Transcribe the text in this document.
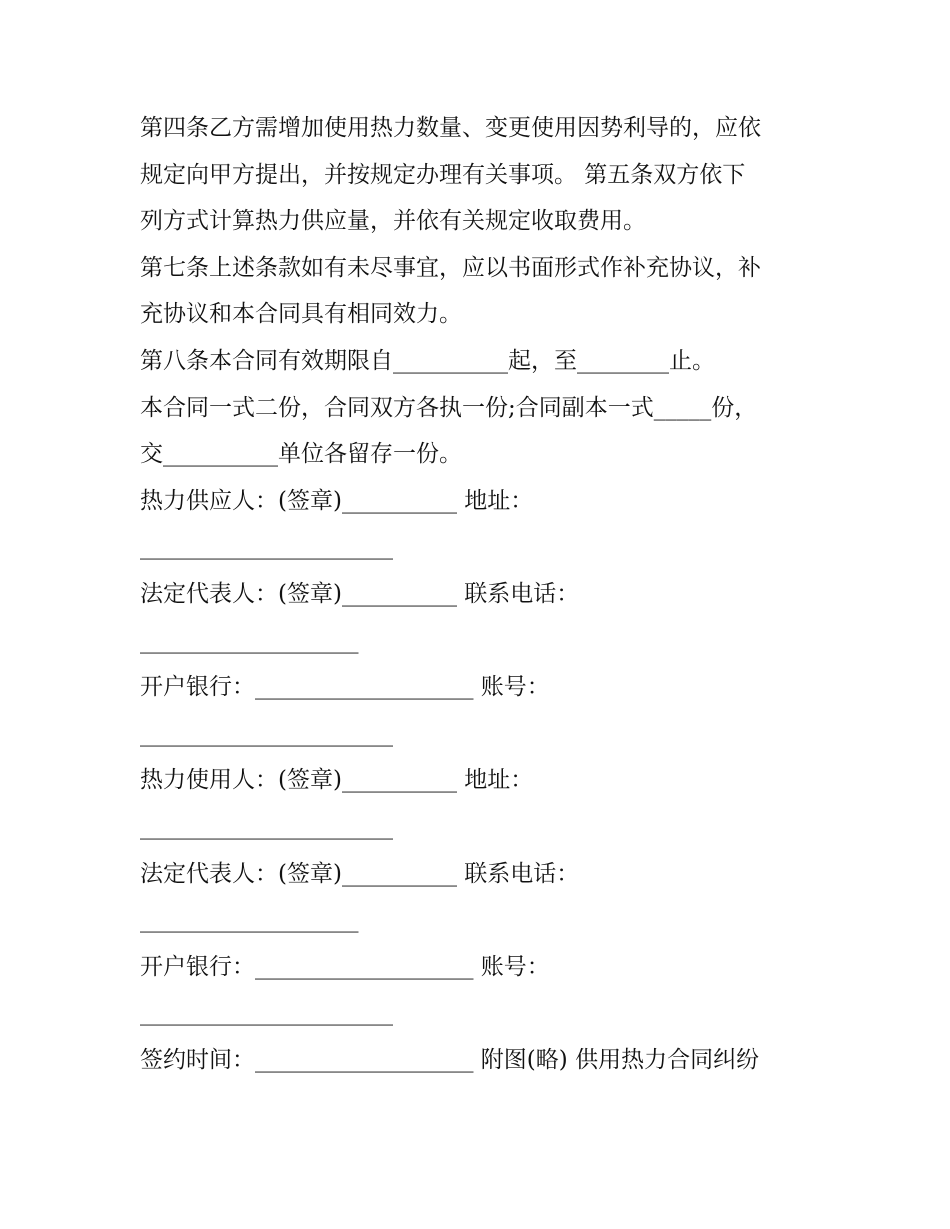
第四条乙方需增加使用热力数量、变更使用因势利导的，应依
规定向甲方提出，并按规定办理有关事项。 第五条双方依下
列方式计算热力供应量，并依有关规定收取费用。
第七条上述条款如有未尽事宜，应以书面形式作补充协议，补
充协议和本合同具有相同效力。
第八条本合同有效期限自__________起，至________止。
本合同一式二份，合同双方各执一份;合同副本一式_____份，
交__________单位各留存一份。
热力供应人：(签章)__________ 地址：
______________________
法定代表人：(签章)__________ 联系电话：
___________________
开户银行：___________________ 账号：
______________________
热力使用人：(签章)__________ 地址：
______________________
法定代表人：(签章)__________ 联系电话：
___________________
开户银行：___________________ 账号：
______________________
签约时间：___________________ 附图(略) 供用热力合同纠纷
